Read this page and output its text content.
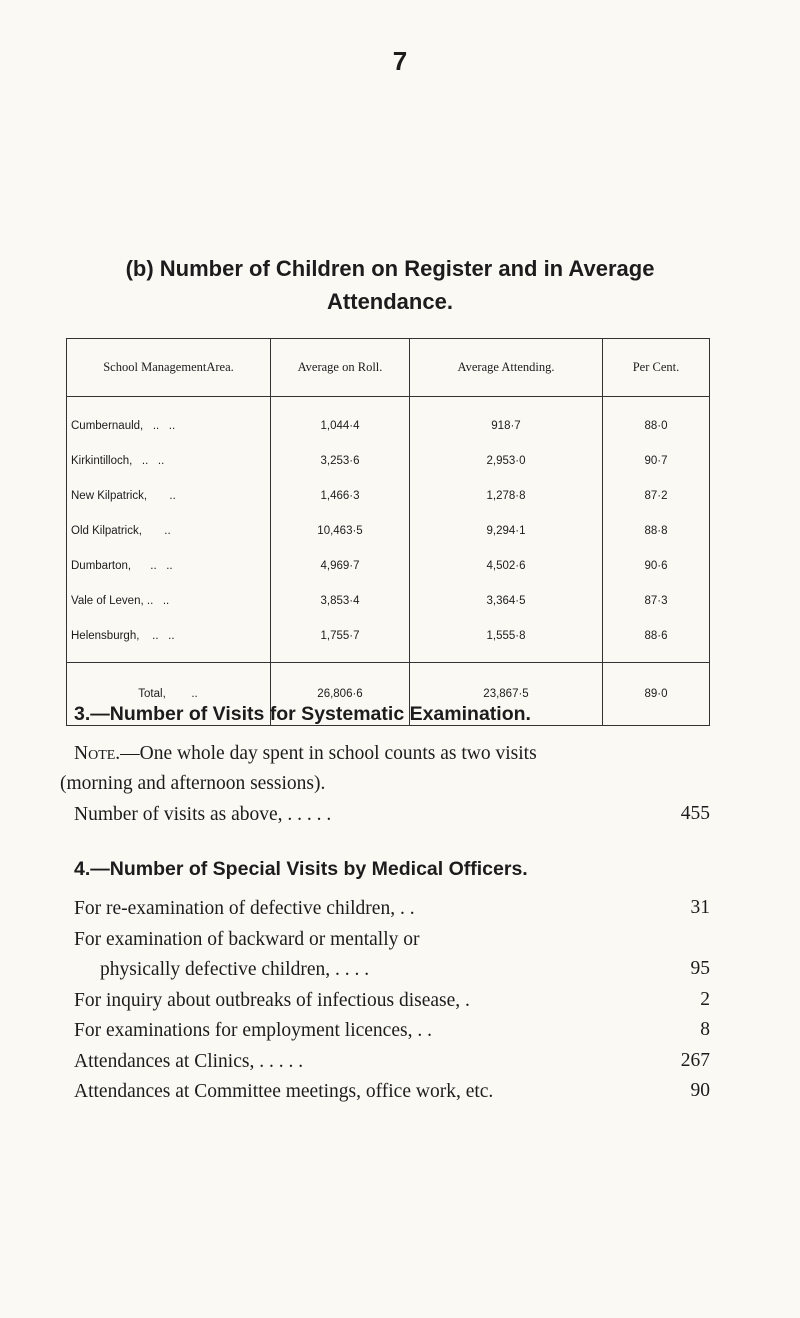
7
(b) Number of Children on Register and in Average
Attendance.
School ManagementArea.	Average on Roll.	Average Attending.	Per Cent.
Cumbernauld,   ..   ..	1,044·4	918·7	88·0
Kirkintilloch,   ..   ..	3,253·6	2,953·0	90·7
New Kilpatrick,       ..	1,466·3	1,278·8	87·2
Old Kilpatrick,       ..	10,463·5	9,294·1	88·8
Dumbarton,      ..   ..	4,969·7	4,502·6	90·6
Vale of Leven, ..   ..	3,853·4	3,364·5	87·3
Helensburgh,    ..   ..	1,755·7	1,555·8	88·6
Total,        ..	26,806·6	23,867·5	89·0
3.—Number of Visits for Systematic Examination.
Note.—One whole day spent in school counts as two visits
(morning and afternoon sessions).
Number of visits as above, . . . . .	455
4.—Number of Special Visits by Medical Officers.
For re-examination of defective children, . .	31
For examination of backward or mentally or
physically defective children, . . . .	95
For inquiry about outbreaks of infectious disease, .	2
For examinations for employment licences, . .	8
Attendances at Clinics, . . . . .	267
Attendances at Committee meetings, office work, etc.	90
